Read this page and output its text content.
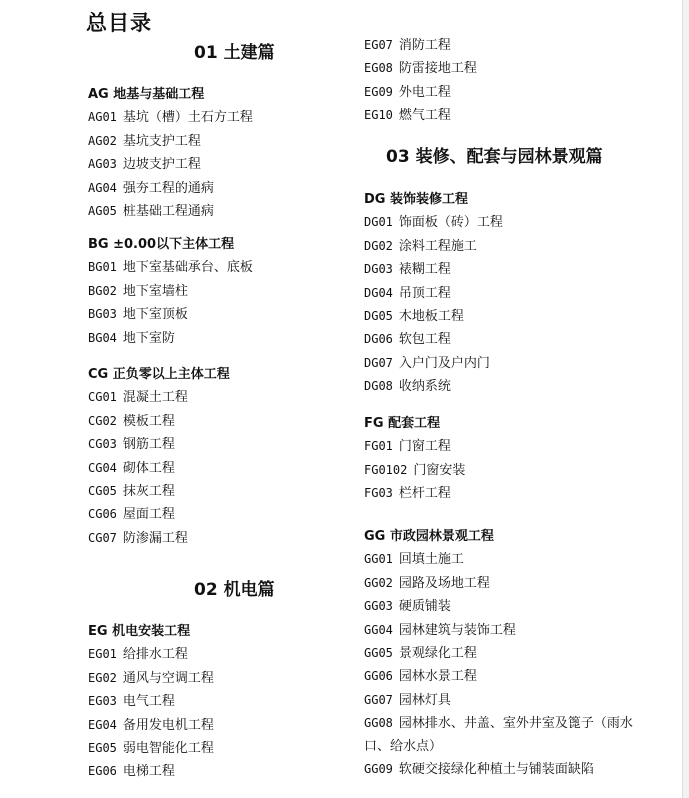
总目录
01 土建篇
AG 地基与基础工程
AG01 基坑（槽）土石方工程
AG02 基坑支护工程
AG03 边坡支护工程
AG04 强夯工程的通病
AG05 桩基础工程通病
BG ±0.00以下主体工程
BG01 地下室基础承台、底板
BG02 地下室墙柱
BG03 地下室顶板
BG04 地下室防
CG 正负零以上主体工程
CG01 混凝土工程
CG02 模板工程
CG03 钢筋工程
CG04 砌体工程
CG05 抹灰工程
CG06 屋面工程
CG07 防渗漏工程
02 机电篇
EG 机电安装工程
EG01 给排水工程
EG02 通风与空调工程
EG03 电气工程
EG04 备用发电机工程
EG05 弱电智能化工程
EG06 电梯工程
EG07 消防工程
EG08 防雷接地工程
EG09 外电工程
EG10 燃气工程
03 装修、配套与园林景观篇
DG 装饰装修工程
DG01 饰面板（砖）工程
DG02 涂料工程施工
DG03 裱糊工程
DG04 吊顶工程
DG05 木地板工程
DG06 软包工程
DG07 入户门及户内门
DG08 收纳系统
FG 配套工程
FG01 门窗工程
FG0102 门窗安装
FG03 栏杆工程
GG 市政园林景观工程
GG01 回填土施工
GG02 园路及场地工程
GG03 硬质铺装
GG04 园林建筑与装饰工程
GG05 景观绿化工程
GG06 园林水景工程
GG07 园林灯具
GG08 园林排水、井盖、室外井室及篦子（雨水口、给水点）
GG09 软硬交接绿化种植土与铺装面缺陷
